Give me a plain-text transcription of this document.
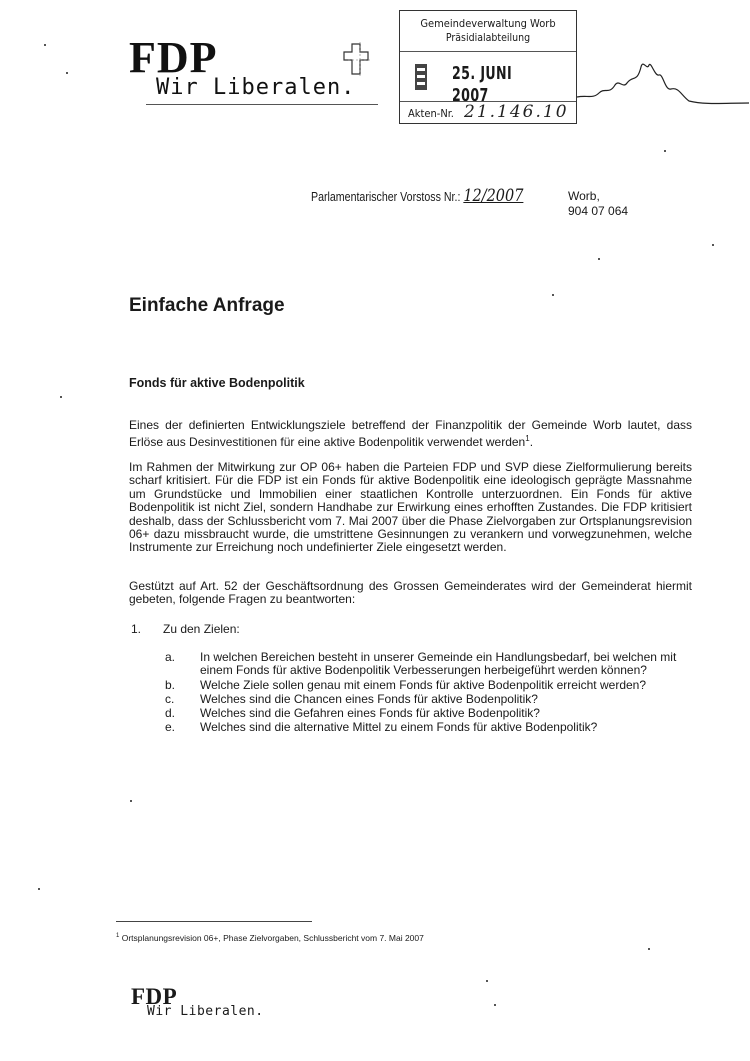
FDP
Wir Liberalen.
Gemeindeverwaltung Worb
Präsidialabteilung
25. JUNI 2007
Akten-Nr. 21.146.10
Parlamentarischer Vorstoss Nr.: 12/2007	Worb,
904 07 064
Einfache Anfrage
Fonds für aktive Bodenpolitik
Eines der definierten Entwicklungsziele betreffend der Finanzpolitik der Gemeinde Worb lautet, dass Erlöse aus Desinvestitionen für eine aktive Bodenpolitik verwendet werden$^1$.
Im Rahmen der Mitwirkung zur OP 06+ haben die Parteien FDP und SVP diese Zielformulierung bereits scharf kritisiert. Für die FDP ist ein Fonds für aktive Bodenpolitik eine ideologisch geprägte Massnahme um Grundstücke und Immobilien einer staatlichen Kontrolle unterzuordnen. Ein Fonds für aktive Bodenpolitik ist nicht Ziel, sondern Handhabe zur Erwirkung eines erhofften Zustandes. Die FDP kritisiert deshalb, dass der Schlussbericht vom 7. Mai 2007 über die Phase Zielvorgaben zur Ortsplanungsrevision 06+ dazu missbraucht wurde, die umstrittene Gesinnungen zu verankern und vorwegzunehmen, welche Instrumente zur Erreichung noch undefinierter Ziele eingesetzt werden.
Gestützt auf Art. 52 der Geschäftsordnung des Grossen Gemeinderates wird der Gemeinderat hiermit gebeten, folgende Fragen zu beantworten:
1. Zu den Zielen:
a. In welchen Bereichen besteht in unserer Gemeinde ein Handlungsbedarf, bei welchen mit einem Fonds für aktive Bodenpolitik Verbesserungen herbeigeführt werden können?
b. Welche Ziele sollen genau mit einem Fonds für aktive Bodenpolitik erreicht werden?
c. Welches sind die Chancen eines Fonds für aktive Bodenpolitik?
d. Welches sind die Gefahren eines Fonds für aktive Bodenpolitik?
e. Welches sind die alternative Mittel zu einem Fonds für aktive Bodenpolitik?
$^1$ Ortsplanungsrevision 06+, Phase Zielvorgaben, Schlussbericht vom 7. Mai 2007
FDP
Wir Liberalen.
